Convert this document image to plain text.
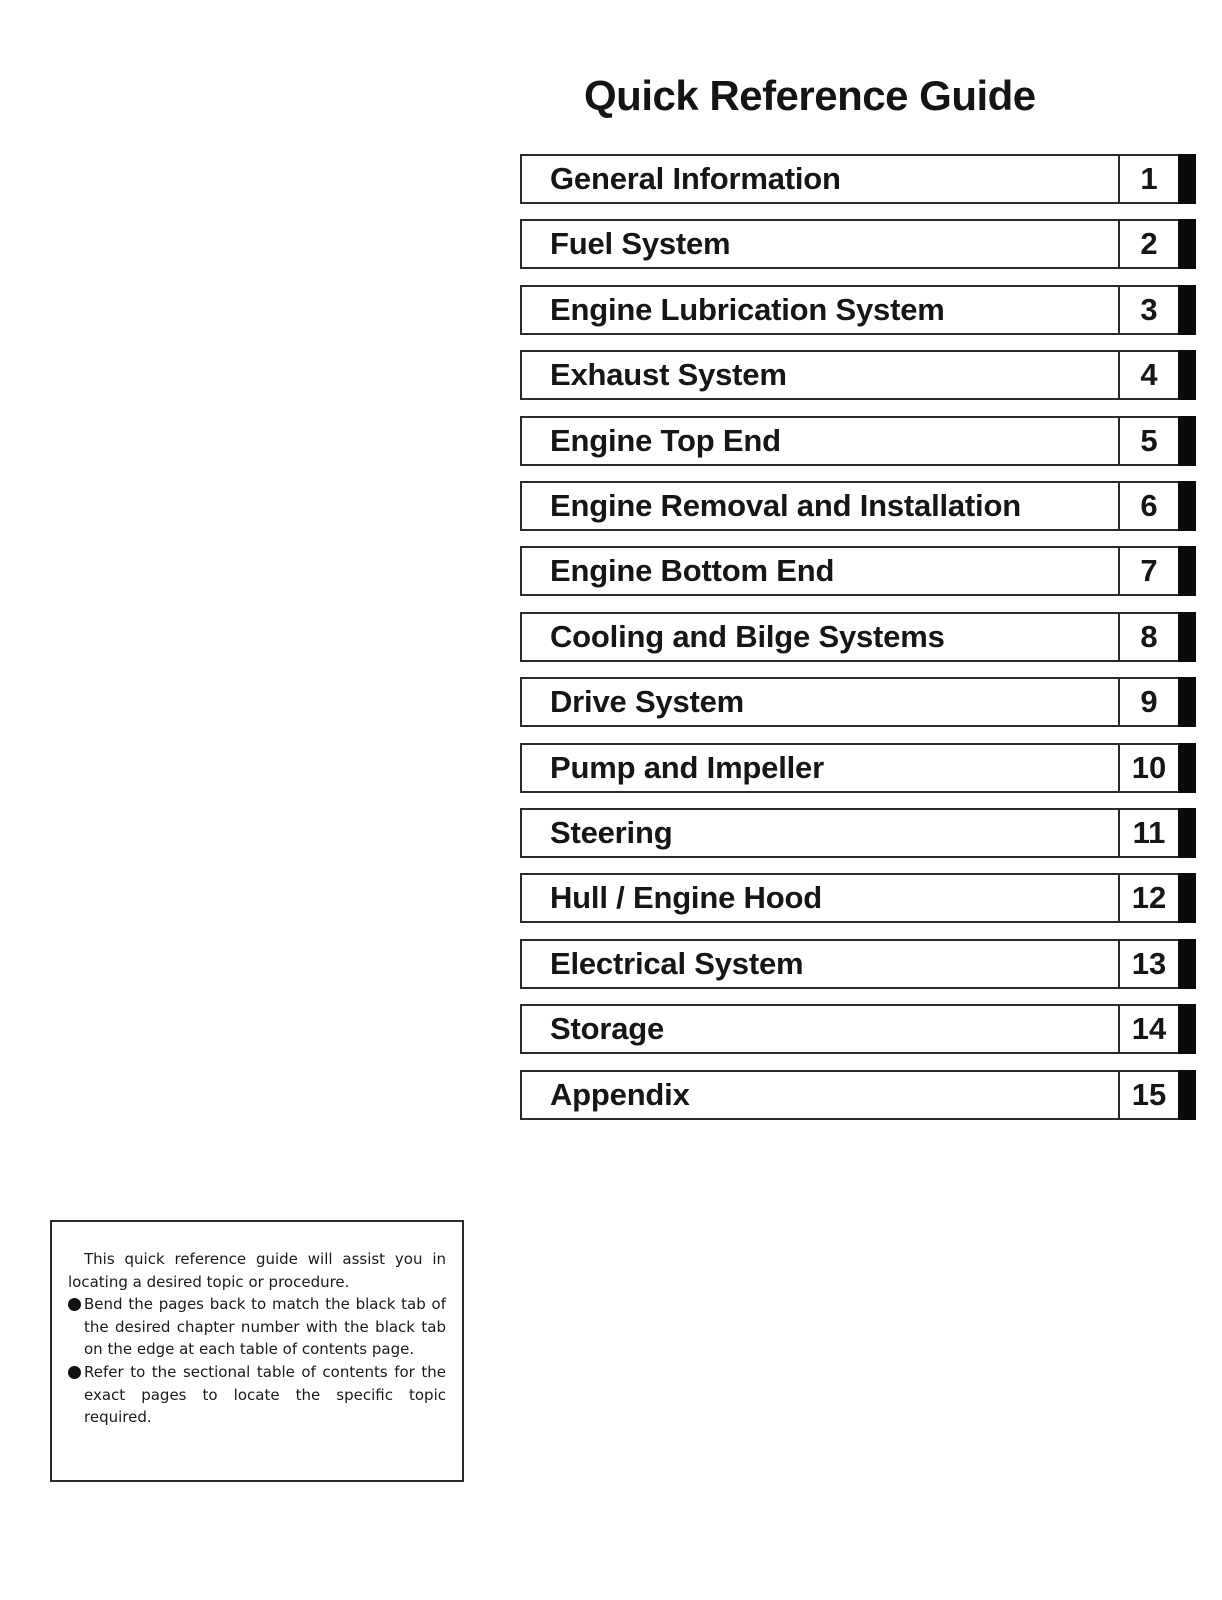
Quick Reference Guide
General Information	1
Fuel System	2
Engine Lubrication System	3
Exhaust System	4
Engine Top End	5
Engine Removal and Installation	6
Engine Bottom End	7
Cooling and Bilge Systems	8
Drive System	9
Pump and Impeller	10
Steering	11
Hull / Engine Hood	12
Electrical System	13
Storage	14
Appendix	15

This quick reference guide will assist you in locating a desired topic or procedure.

Bend the pages back to match the black tab of the desired chapter number with the black tab on the edge at each table of contents page.
Refer to the sectional table of contents for the exact pages to locate the specific topic required.
